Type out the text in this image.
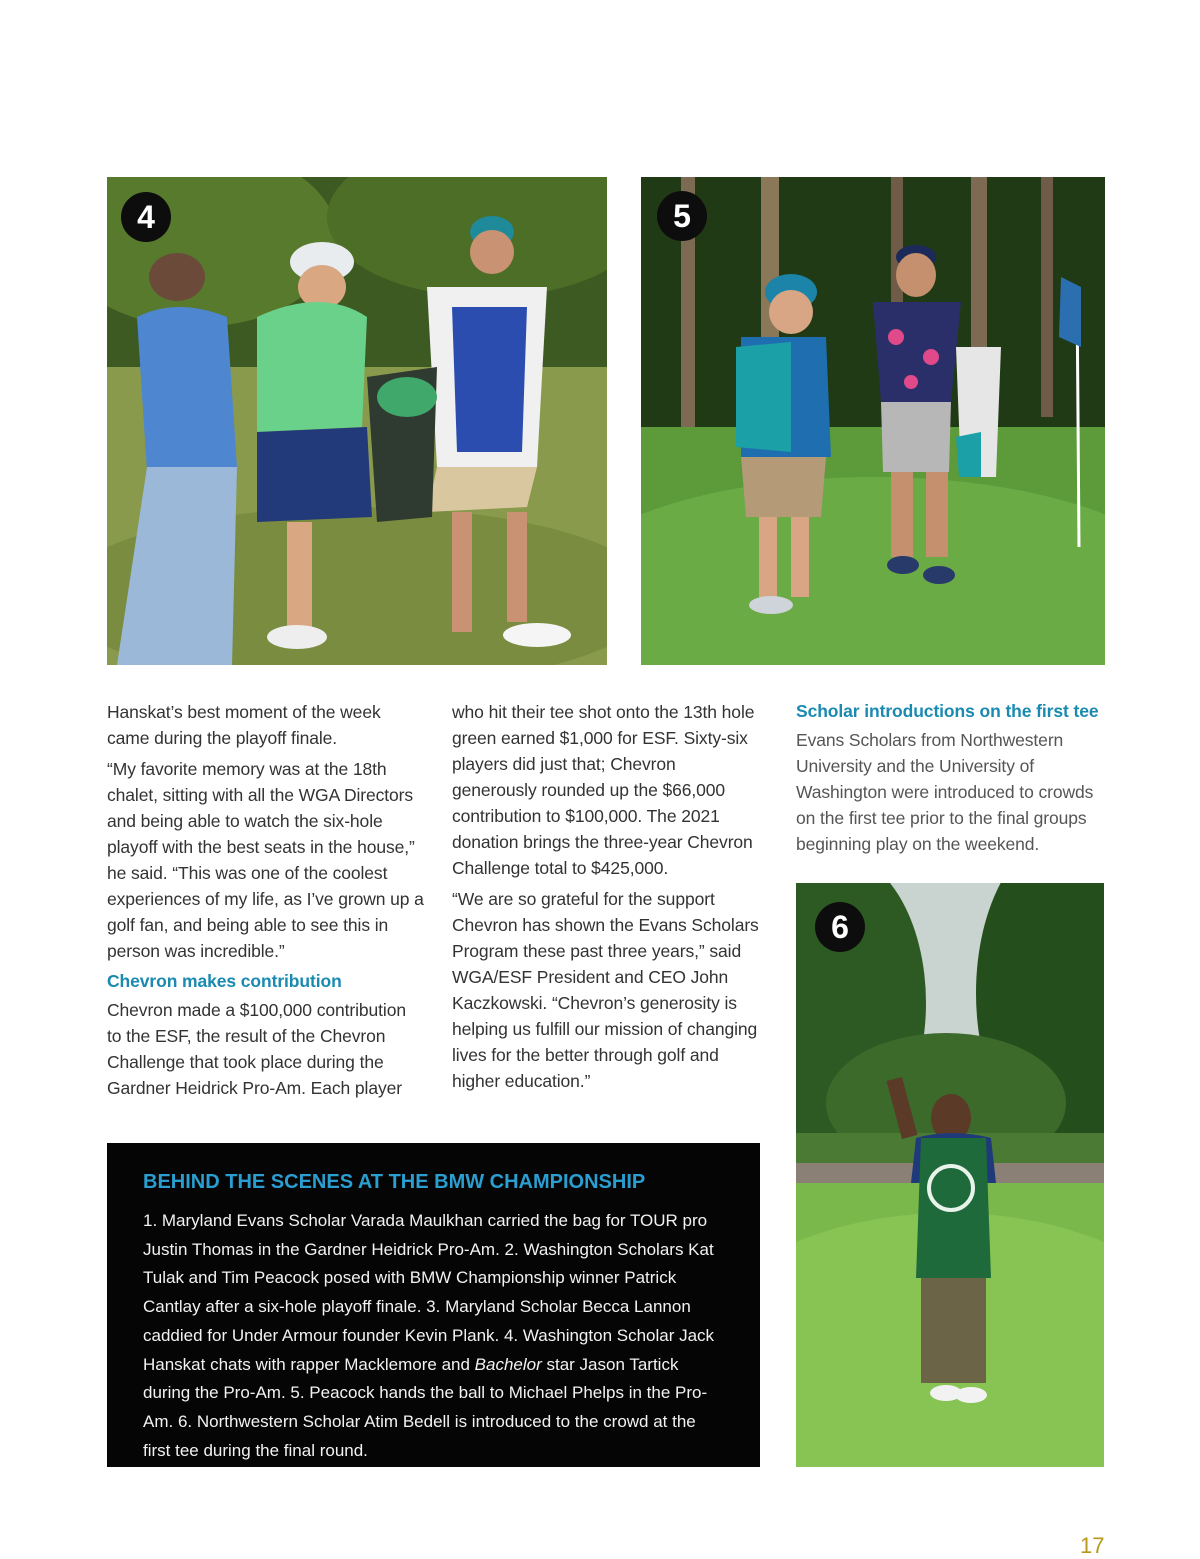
4	5
6

Hanskat’s best moment of the week came during the playoff finale.

“My favorite memory was at the 18th chalet, sitting with all the WGA Directors and being able to watch the six-hole playoff with the best seats in the house,” he said. “This was one of the coolest experiences of my life, as I’ve grown up a golf fan, and being able to see this in person was incredible.”

Chevron makes contribution

Chevron made a $100,000 contribution to the ESF, the result of the Chevron Challenge that took place during the Gardner Heidrick Pro-Am. Each player

who hit their tee shot onto the 13th hole green earned $1,000 for ESF. Sixty-six players did just that; Chevron generously rounded up the $66,000 contribution to $100,000. The 2021 donation brings the three-year Chevron Challenge total to $425,000.

“We are so grateful for the support Chevron has shown the Evans Scholars Program these past three years,” said WGA/ESF President and CEO John Kaczkowski. “Chevron’s generosity is helping us fulfill our mission of changing lives for the better through golf and higher education.”

Scholar introductions on the first tee

Evans Scholars from Northwestern University and the University of Washington were introduced to crowds on the first tee prior to the final groups beginning play on the weekend.

BEHIND THE SCENES AT THE BMW CHAMPIONSHIP
1. Maryland Evans Scholar Varada Maulkhan carried the bag for TOUR pro Justin Thomas in the Gardner Heidrick Pro-Am. 2. Washington Scholars Kat Tulak and Tim Peacock posed with BMW Championship winner Patrick Cantlay after a six-hole playoff finale. 3. Maryland Scholar Becca Lannon caddied for Under Armour founder Kevin Plank. 4. Washington Scholar Jack Hanskat chats with rapper Macklemore and Bachelor star Jason Tartick during the Pro-Am. 5. Peacock hands the ball to Michael Phelps in the Pro-Am. 6. Northwestern Scholar Atim Bedell is introduced to the crowd at the first tee during the final round.
17
